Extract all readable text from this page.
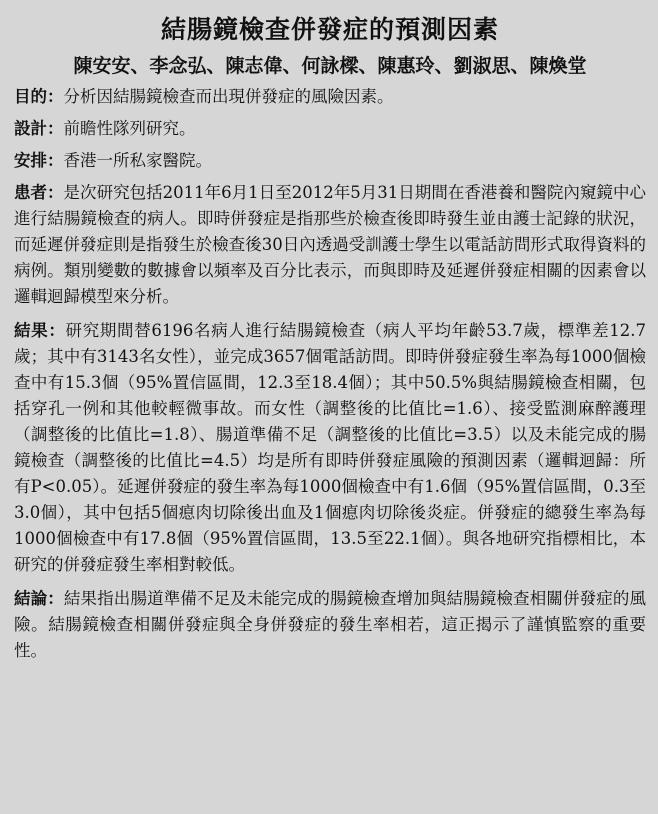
結腸鏡檢查併發症的預測因素
陳安安、李念弘、陳志偉、何詠樑、陳惠玲、劉淑思、陳煥堂

目的：分析因結腸鏡檢查而出現併發症的風險因素。

設計：前瞻性隊列研究。

安排：香港一所私家醫院。

患者：是次研究包括2011年6月1日至2012年5月31日期間在香港養和醫院內窺鏡中心進行結腸鏡檢查的病人。即時併發症是指那些於檢查後即時發生並由護士記錄的狀況，而延遲併發症則是指發生於檢查後30日內透過受訓護士學生以電話訪問形式取得資料的病例。類別變數的數據會以頻率及百分比表示，而與即時及延遲併發症相關的因素會以邏輯迴歸模型來分析。

結果：研究期間替6196名病人進行結腸鏡檢查（病人平均年齡53.7歲，標準差12.7歲；其中有3143名女性），並完成3657個電話訪問。即時併發症發生率為每1000個檢查中有15.3個（95%置信區間，12.3至18.4個）；其中50.5%與結腸鏡檢查相關，包括穿孔一例和其他較輕微事故。而女性（調整後的比值比=1.6）、接受監測麻醉護理（調整後的比值比=1.8）、腸道準備不足（調整後的比值比=3.5）以及未能完成的腸鏡檢查（調整後的比值比=4.5）均是所有即時併發症風險的預測因素（邏輯迴歸：所有P<0.05）。延遲併發症的發生率為每1000個檢查中有1.6個（95%置信區間，0.3至3.0個），其中包括5個瘜肉切除後出血及1個瘜肉切除後炎症。併發症的總發生率為每1000個檢查中有17.8個（95%置信區間，13.5至22.1個）。與各地研究指標相比，本研究的併發症發生率相對較低。

結論：結果指出腸道準備不足及未能完成的腸鏡檢查增加與結腸鏡檢查相關併發症的風險。結腸鏡檢查相關併發症與全身併發症的發生率相若，這正揭示了謹慎監察的重要性。
